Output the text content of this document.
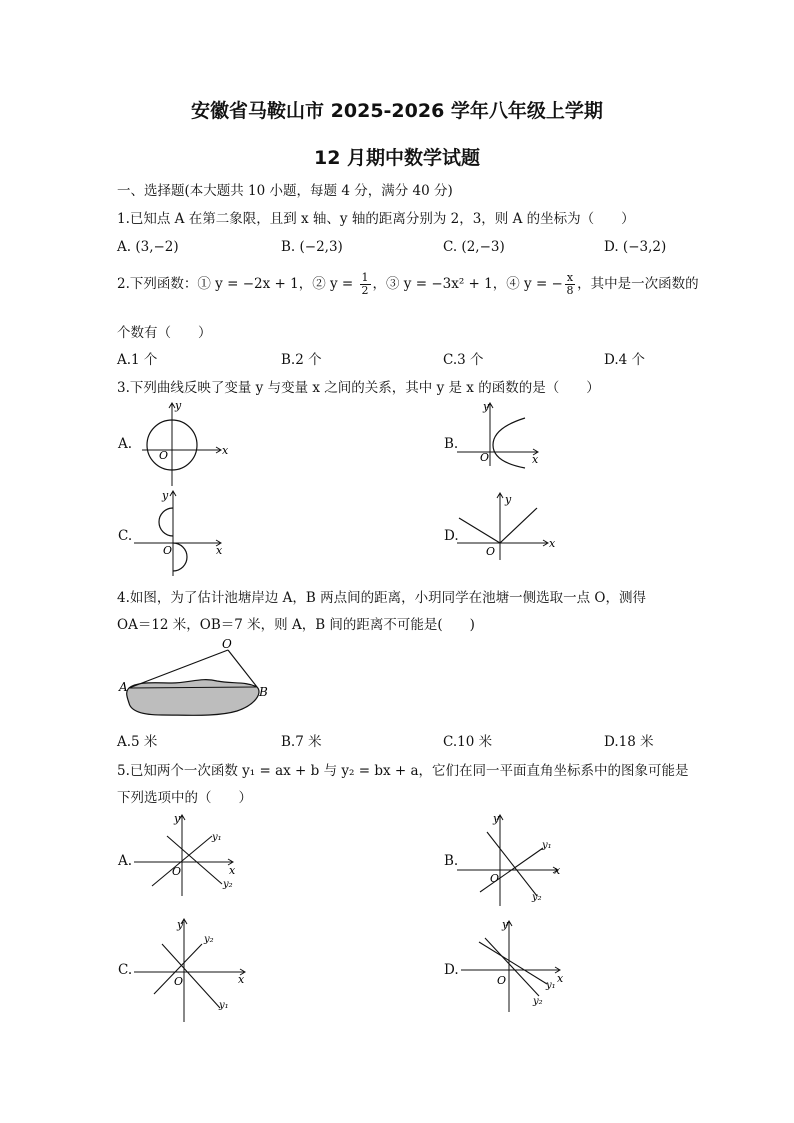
安徽省马鞍山市 2025-2026 学年八年级上学期
12 月期中数学试题
一、选择题(本大题共 10 小题，每题 4 分，满分 40 分)
1.已知点 A 在第二象限，且到 x 轴、y 轴的距离分别为 2，3，则 A 的坐标为（　　）
A. (3,−2)	B. (−2,3)	C. (2,−3)	D. (−3,2)
2.下列函数：① y = −2x + 1，② $y = \frac{1}{2}$ ，③ y = −3x² + 1，④ y = − $\frac{x}{8}$ ，其中是一次函数的
个数有（　　）
A.1 个	B.2 个	C.3 个	D.4 个
3.下列曲线反映了变量 y 与变量 x 之间的关系，其中 y 是 x 的函数的是（　　）
A.
y
x
O
B.
y
x
O
C.
y
x
O
D.
y
x
O
4.如图，为了估计池塘岸边 A，B 两点间的距离，小玥同学在池塘一侧选取一点 O，测得
OA＝12 米，OB＝7 米，则 A，B 间的距离不可能是(　　)
O
A	B
A.5 米	B.7 米	C.10 米	D.18 米
5.已知两个一次函数 y₁ = ax + b 与 y₂ = bx + a，它们在同一平面直角坐标系中的图象可能是
下列选项中的（　　）
A.
y
x
O
y₁
y₂
B.
y
x
O
y₁
y₂
C.
y
x
O
y₂
y₁
D.
y
x
O	y₁
y₂
